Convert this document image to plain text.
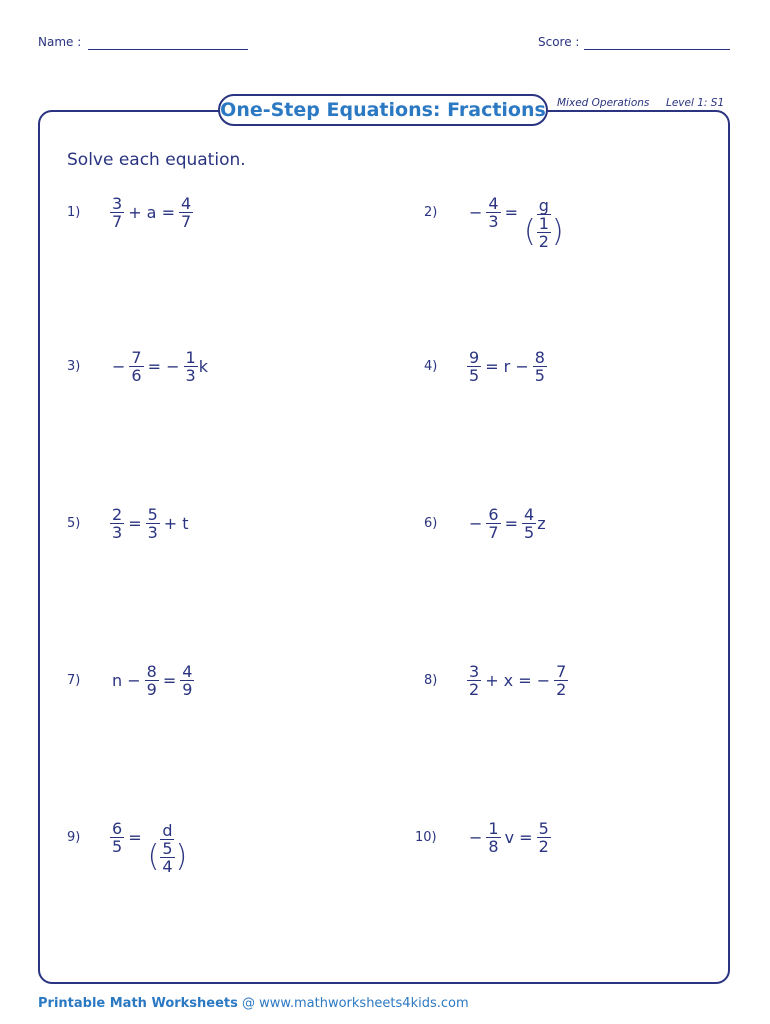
Name :	Score :
One-Step Equations: Fractions Mixed Operations Level 1: S1
Solve each equation.
1)	$\frac{3}{7} + a = \frac{4}{7}$	2)	− $\frac{4}{3} = \frac{g}{( \frac{1}{2} )}$
3)	− $\frac{7}{6}$ = − $\frac{1}{3}$ k	4)	$\frac{9}{5} = r - \frac{8}{5}$
5)	$\frac{2}{3} = \frac{5}{3} + t$	6)	− $\frac{6}{7} = \frac{4}{5}$ z
7)	$n - \frac{8}{9} = \frac{4}{9}$	8)	$\frac{3}{2} + x$ = − $\frac{7}{2}$
9)	$\frac{6}{5} = \frac{d}{( \frac{5}{4} )}$	10)	− $\frac{1}{8}$ $v = \frac{5}{2}$
Printable Math Worksheets @ www.mathworksheets4kids.com
